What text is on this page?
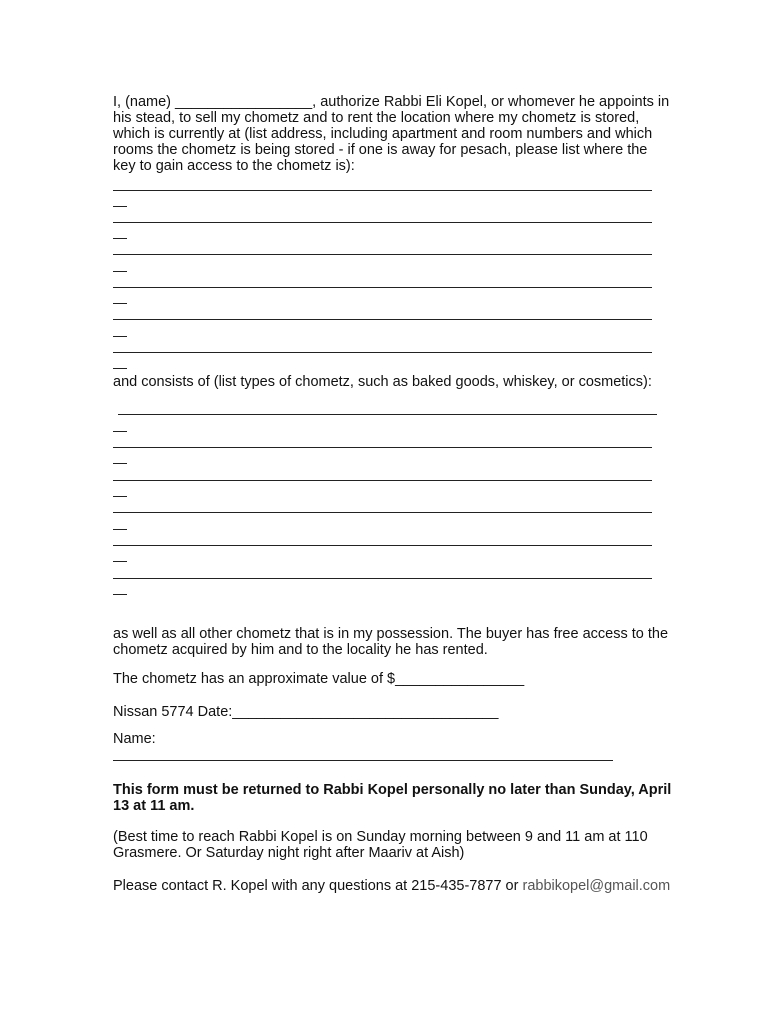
I, (name) _________________, authorize Rabbi Eli Kopel, or whomever he appoints in his stead, to sell my chometz and to rent the location where my chometz is stored, which is currently at (list address, including apartment and room numbers and which rooms the chometz is being stored - if one is away for pesach, please list where the key to gain access to the chometz is):

and consists of (list types of chometz, such as baked goods, whiskey, or cosmetics):

as well as all other chometz that is in my possession. The buyer has free access to the chometz acquired by him and to the locality he has rented.

The chometz has an approximate value of $________________

Nissan 5774 Date:_________________________________

Name:

This form must be returned to Rabbi Kopel personally no later than Sunday, April 13 at 11 am.

(Best time to reach Rabbi Kopel is on Sunday morning between 9 and 11 am at 110 Grasmere. Or Saturday night right after Maariv at Aish)

Please contact R. Kopel with any questions at 215-435-7877 or rabbikopel@gmail.com
